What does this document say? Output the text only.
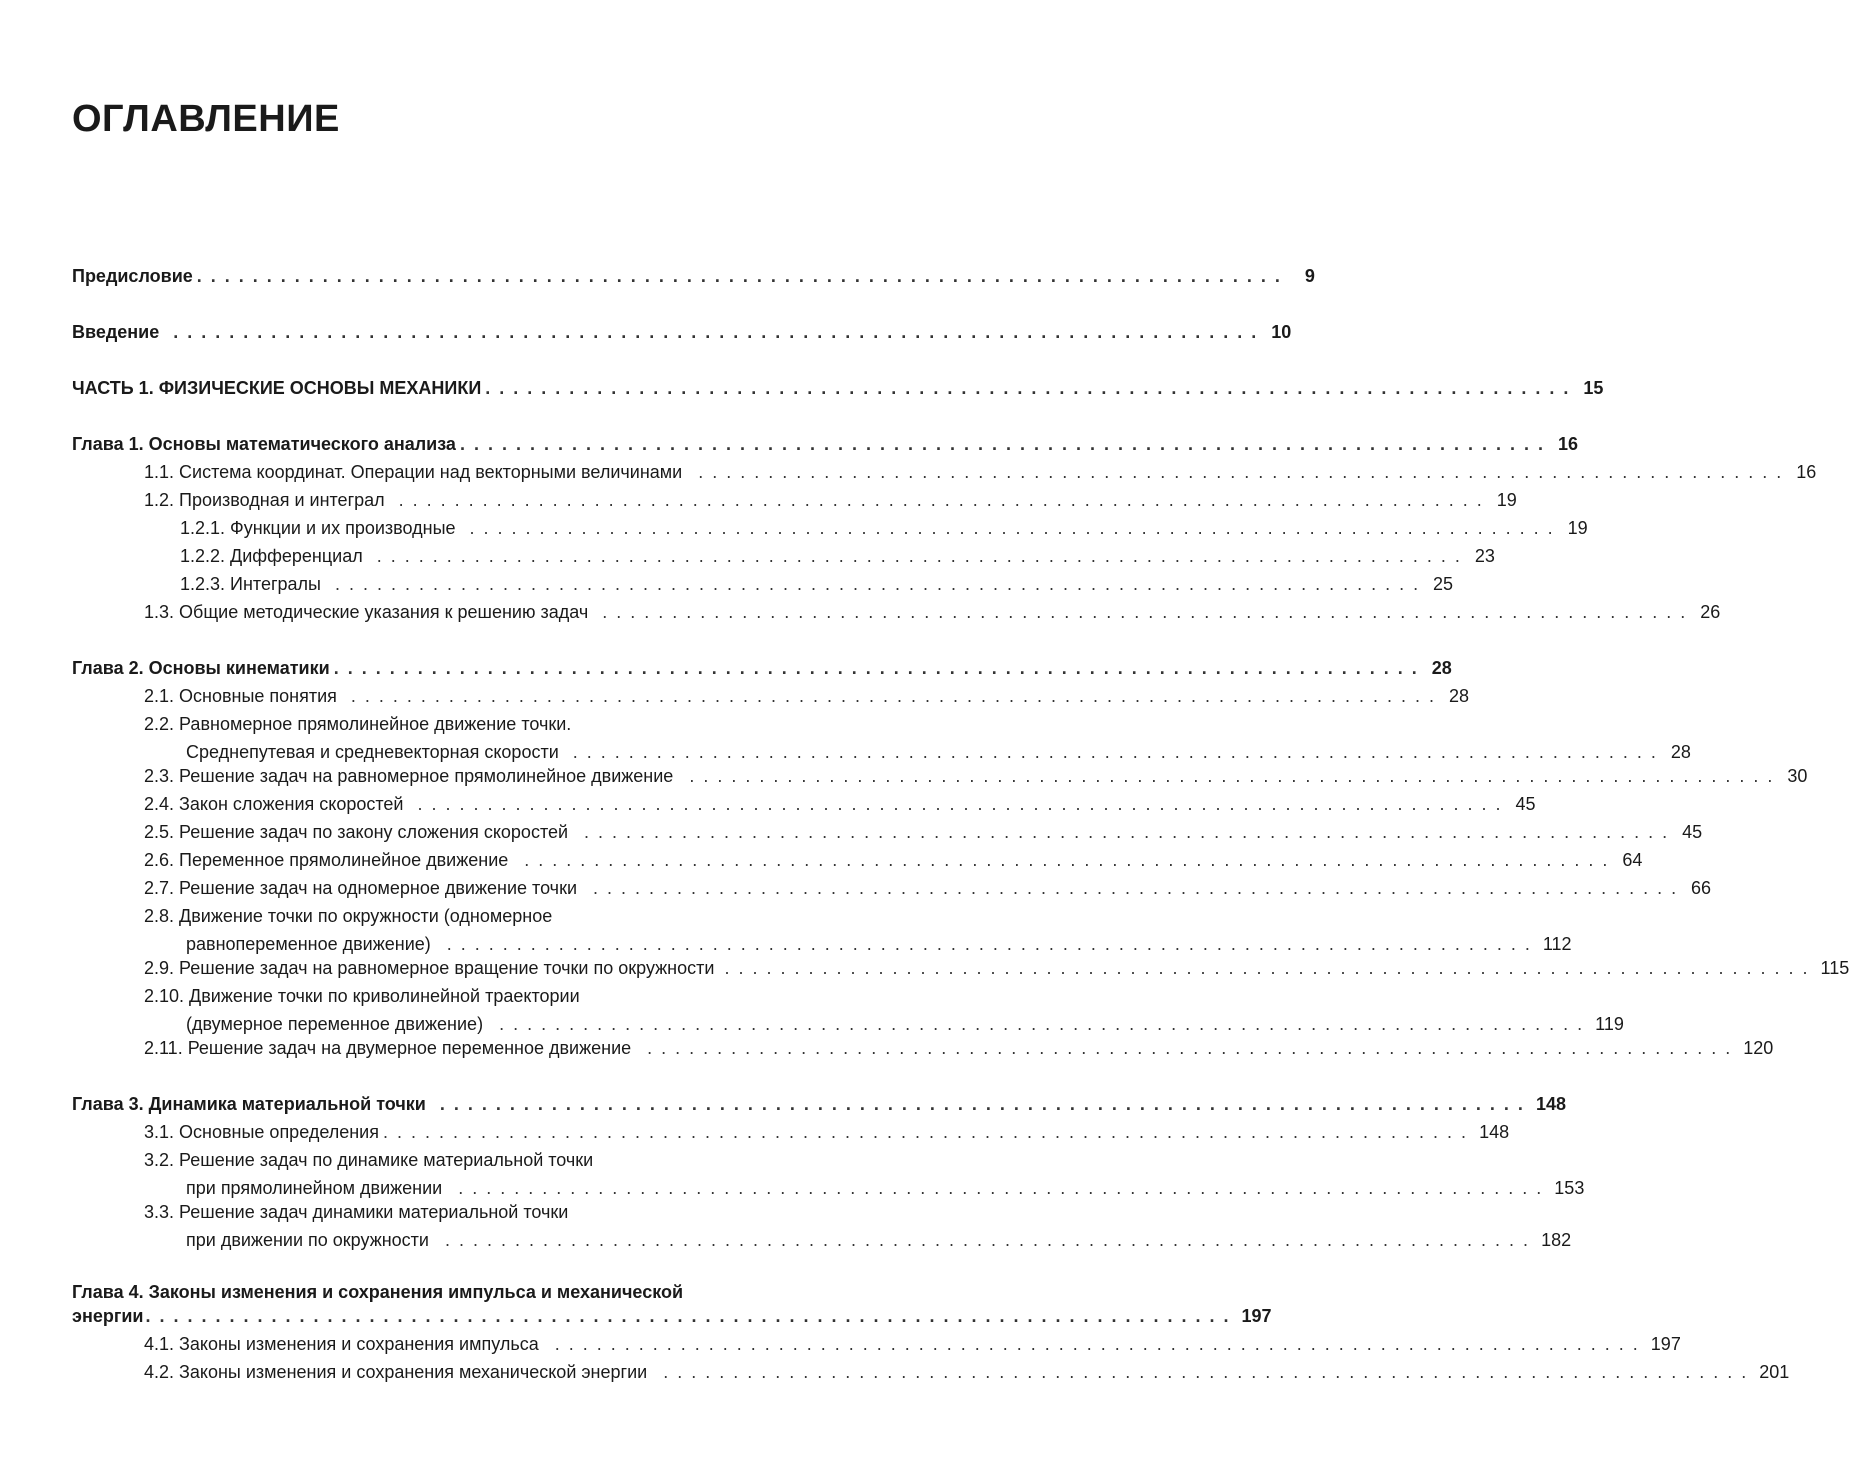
ОГЛАВЛЕНИЕ
Предисловие .............................................................................. 9
Введение .............................................................................. 10
ЧАСТЬ 1. ФИЗИЧЕСКИЕ ОСНОВЫ МЕХАНИКИ .............................................................................. 15
Глава 1. Основы математического анализа .............................................................................. 16
1.1. Система координат. Операции над векторными величинами .............................................................................. 16
1.2. Производная и интеграл .............................................................................. 19
1.2.1. Функции и их производные .............................................................................. 19
1.2.2. Дифференциал .............................................................................. 23
1.2.3. Интегралы .............................................................................. 25
1.3. Общие методические указания к решению задач .............................................................................. 26
Глава 2. Основы кинематики .............................................................................. 28
2.1. Основные понятия .............................................................................. 28
2.2. Равномерное прямолинейное движение точки.
Среднепутевая и средневекторная скорости .............................................................................. 28
2.3. Решение задач на равномерное прямолинейное движение .............................................................................. 30
2.4. Закон сложения скоростей .............................................................................. 45
2.5. Решение задач по закону сложения скоростей .............................................................................. 45
2.6. Переменное прямолинейное движение .............................................................................. 64
2.7. Решение задач на одномерное движение точки .............................................................................. 66
2.8. Движение точки по окружности (одномерное
равнопеременное движение) .............................................................................. 112
2.9. Решение задач на равномерное вращение точки по окружности .............................................................................. 115
2.10. Движение точки по криволинейной траектории
(двумерное переменное движение) .............................................................................. 119
2.11. Решение задач на двумерное переменное движение .............................................................................. 120
Глава 3. Динамика материальной точки .............................................................................. 148
3.1. Основные определения .............................................................................. 148
3.2. Решение задач по динамике материальной точки
при прямолинейном движении .............................................................................. 153
3.3. Решение задач динамики материальной точки
при движении по окружности .............................................................................. 182
Глава 4. Законы изменения и сохранения импульса и механической
энергии .............................................................................. 197
4.1. Законы изменения и сохранения импульса .............................................................................. 197
4.2. Законы изменения и сохранения механической энергии .............................................................................. 201
